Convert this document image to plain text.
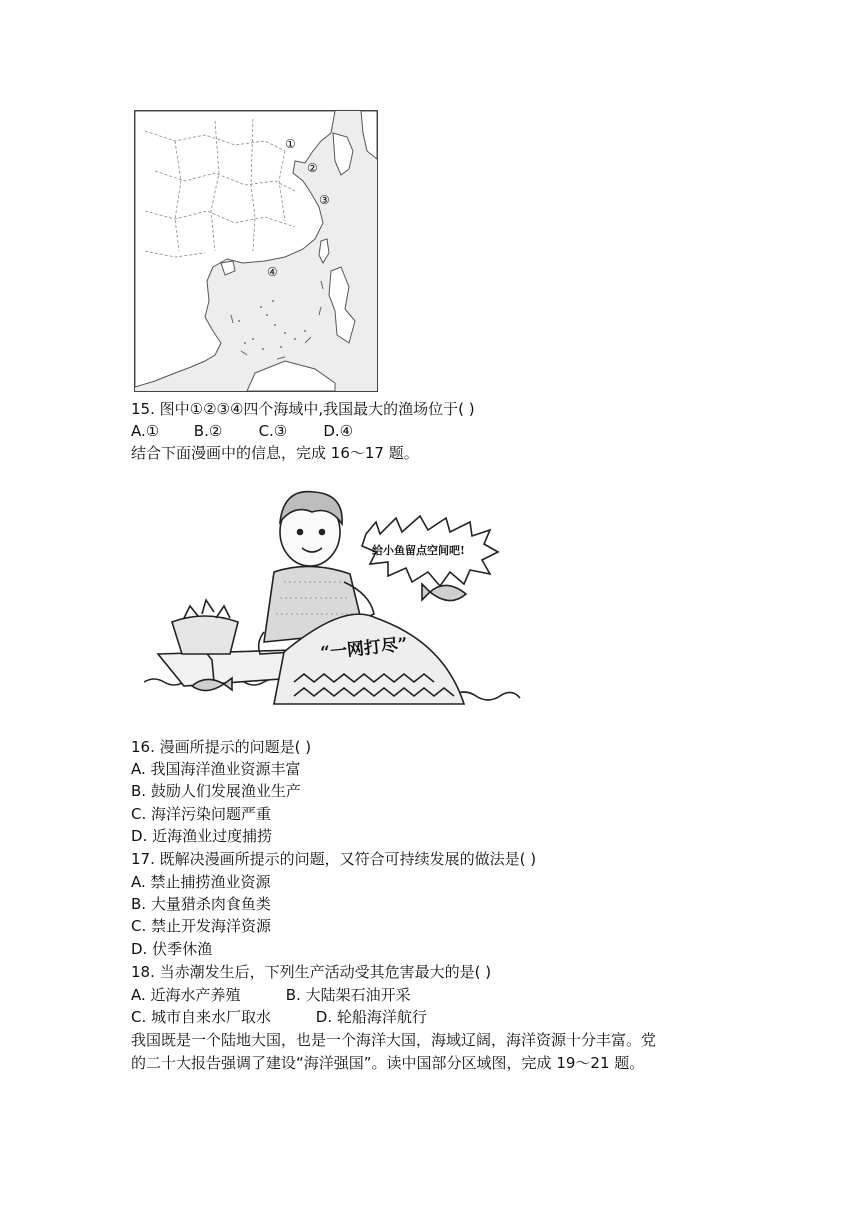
①
②
③
④
15. 图中①②③④四个海域中,我国最大的渔场位于( )
A.① B.② C.③ D.④
结合下面漫画中的信息，完成 16～17 题。
给小鱼留点空间吧!
“一网打尽”
16. 漫画所提示的问题是( )
A. 我国海洋渔业资源丰富
B. 鼓励人们发展渔业生产
C. 海洋污染问题严重
D. 近海渔业过度捕捞
17. 既解决漫画所提示的问题，又符合可持续发展的做法是( )
A. 禁止捕捞渔业资源
B. 大量猎杀肉食鱼类
C. 禁止开发海洋资源
D. 伏季休渔
18. 当赤潮发生后，下列生产活动受其危害最大的是( )
A. 近海水产养殖	B. 大陆架石油开采
C. 城市自来水厂取水	D. 轮船海洋航行
我国既是一个陆地大国，也是一个海洋大国，海域辽阔，海洋资源十分丰富。党
的二十大报告强调了建设“海洋强国”。读中国部分区域图，完成 19～21 题。
